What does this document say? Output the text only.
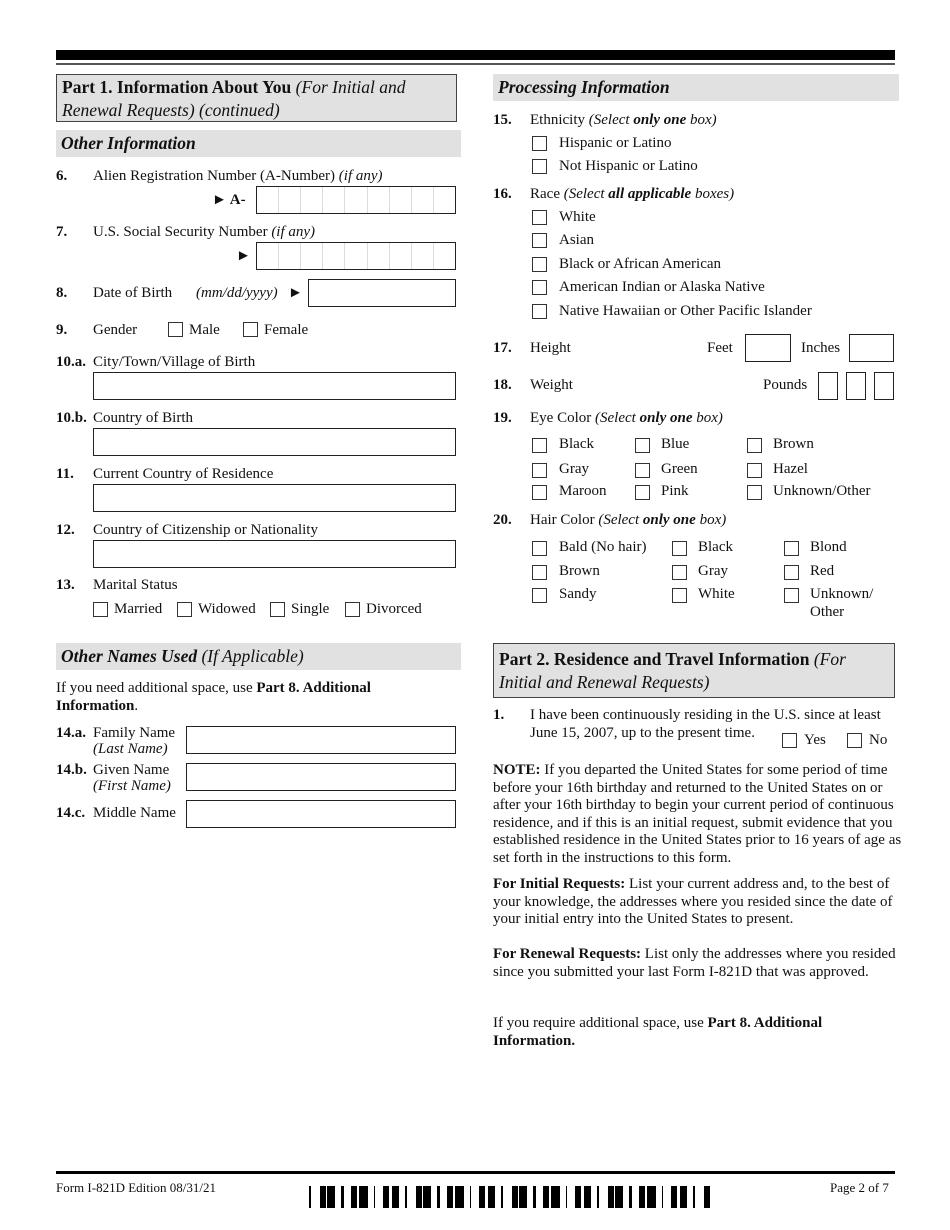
Part 1. Information About You (For Initial and
Renewal Requests) (continued)
Other Information
6. Alien Registration Number (A-Number) (if any)
► A-
7. U.S. Social Security Number (if any)
►
8. Date of Birth (mm/dd/yyyy) ►
9. Gender	Male	Female
10.a. City/Town/Village of Birth
10.b. Country of Birth
11. Current Country of Residence
12. Country of Citizenship or Nationality
13. Marital Status
Married Widowed Single Divorced
Other Names Used (If Applicable)
If you need additional space, use Part 8. Additional
Information.
14.a. Family Name
(Last Name)
14.b. Given Name
(First Name)
14.c. Middle Name
Processing Information
15. Ethnicity (Select only one box)
Hispanic or Latino
Not Hispanic or Latino
16. Race (Select all applicable boxes)
White
Asian
Black or African American
American Indian or Alaska Native
Native Hawaiian or Other Pacific Islander
17. Height	Feet	Inches
18. Weight	Pounds
19. Eye Color (Select only one box)
Black	Blue	Brown
Gray	Green	Hazel
Maroon	Pink	Unknown/Other
20. Hair Color (Select only one box)
Bald (No hair)	Black	Blond
Brown	Gray	Red
Sandy	White	Unknown/ Other
Part 2. Residence and Travel Information (For
Initial and Renewal Requests)
1. I have been continuously residing in the U.S. since at least
June 15, 2007, up to the present time.	Yes	No
NOTE: If you departed the United States for some period of time before your 16th birthday and returned to the United States on or after your 16th birthday to begin your current period of continuous residence, and if this is an initial request, submit evidence that you established residence in the United States prior to 16 years of age as set forth in the instructions to this form.
For Initial Requests: List your current address and, to the best of your knowledge, the addresses where you resided since the date of your initial entry into the United States to present.
For Renewal Requests: List only the addresses where you resided since you submitted your last Form I-821D that was approved.
If you require additional space, use Part 8. Additional Information.
Form I-821D Edition 08/31/21	Page 2 of 7
